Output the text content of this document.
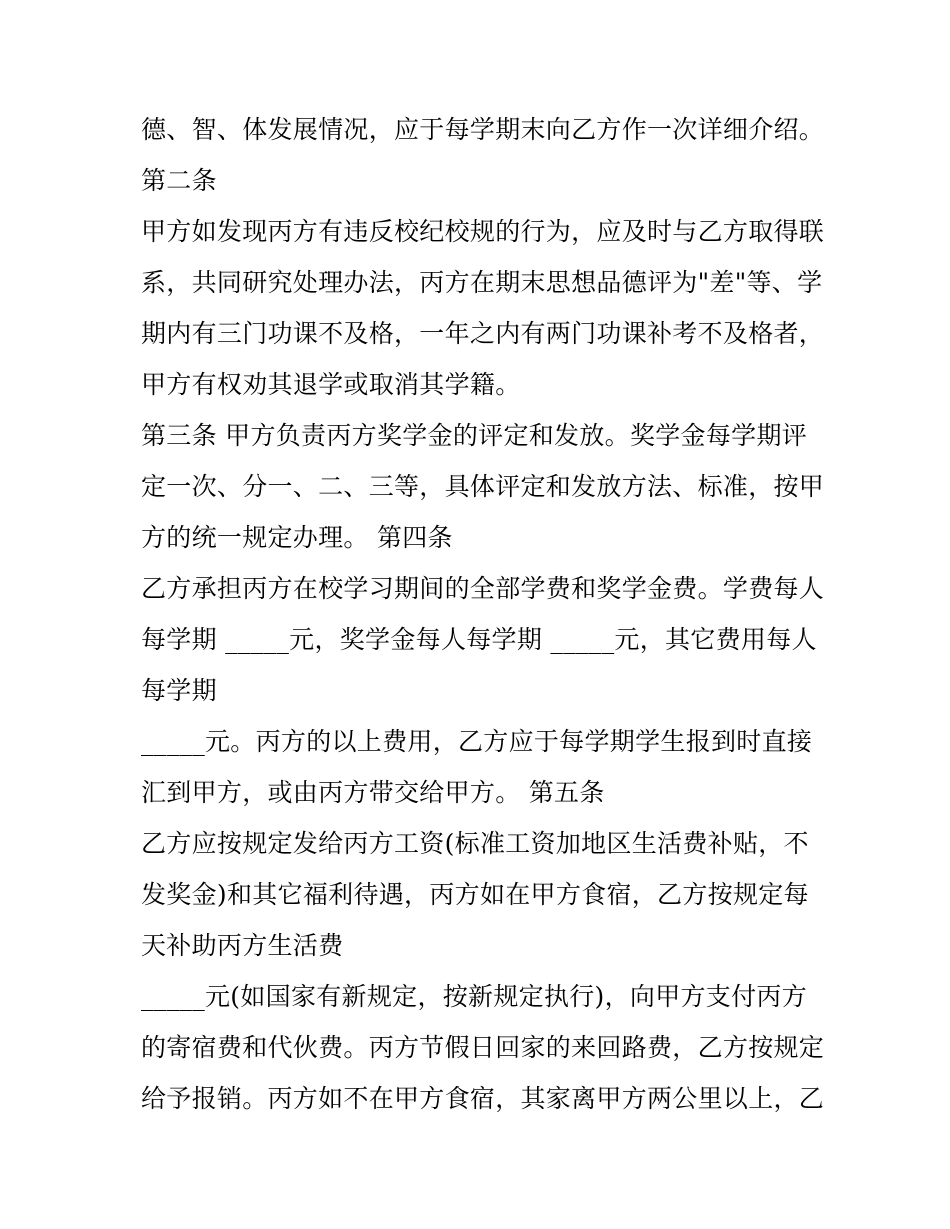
德、智、体发展情况，应于每学期末向乙方作一次详细介绍。
第二条
甲方如发现丙方有违反校纪校规的行为，应及时与乙方取得联
系，共同研究处理办法，丙方在期末思想品德评为"差"等、学
期内有三门功课不及格，一年之内有两门功课补考不及格者，
甲方有权劝其退学或取消其学籍。
第三条 甲方负责丙方奖学金的评定和发放。奖学金每学期评
定一次、分一、二、三等，具体评定和发放方法、标准，按甲
方的统一规定办理。 第四条
乙方承担丙方在校学习期间的全部学费和奖学金费。学费每人
每学期 _____元，奖学金每人每学期 _____元，其它费用每人
每学期
_____元。丙方的以上费用，乙方应于每学期学生报到时直接
汇到甲方，或由丙方带交给甲方。 第五条
乙方应按规定发给丙方工资(标准工资加地区生活费补贴，不
发奖金)和其它福利待遇，丙方如在甲方食宿，乙方按规定每
天补助丙方生活费
_____元(如国家有新规定，按新规定执行)，向甲方支付丙方
的寄宿费和代伙费。丙方节假日回家的来回路费，乙方按规定
给予报销。丙方如不在甲方食宿，其家离甲方两公里以上，乙
